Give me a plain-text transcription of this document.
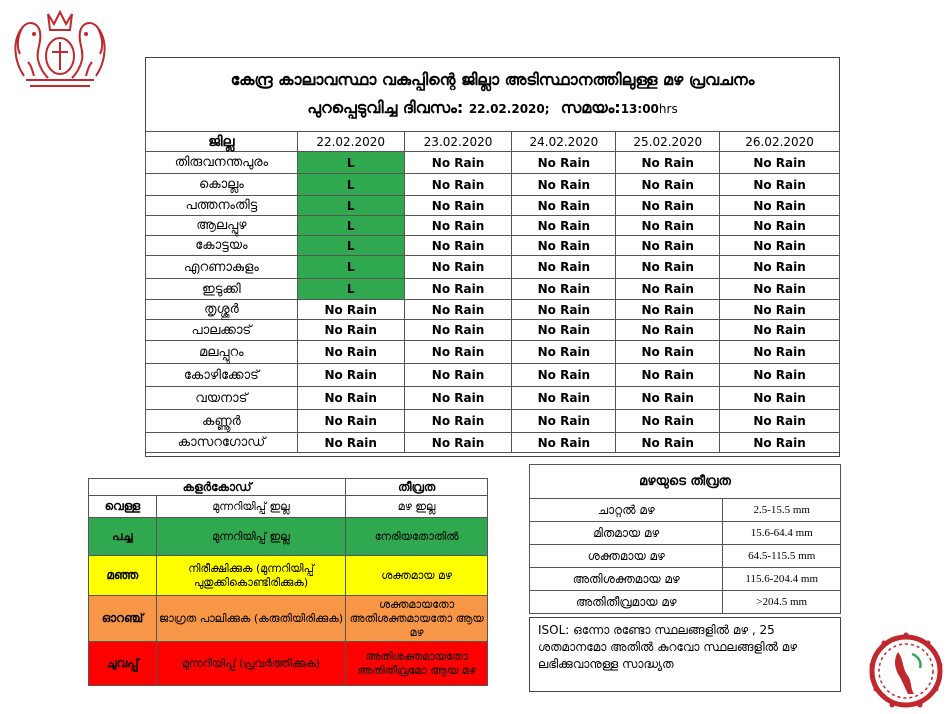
കേന്ദ്ര കാലാവസ്ഥാ വകുപ്പിന്റെ ജില്ലാ അടിസ്ഥാനത്തിലുള്ള മഴ പ്രവചനം
പുറപ്പെടുവിച്ച ദിവസം: 22.02.2020; സമയം:13:00hrs
ജില്ല	22.02.2020	23.02.2020	24.02.2020	25.02.2020	26.02.2020
തിരുവനന്തപുരം	L	No Rain	No Rain	No Rain	No Rain
കൊല്ലം	L	No Rain	No Rain	No Rain	No Rain
പത്തനംതിട്ട	L	No Rain	No Rain	No Rain	No Rain
ആലപ്പുഴ	L	No Rain	No Rain	No Rain	No Rain
കോട്ടയം	L	No Rain	No Rain	No Rain	No Rain
എറണാകുളം	L	No Rain	No Rain	No Rain	No Rain
ഇടുക്കി	L	No Rain	No Rain	No Rain	No Rain
തൃശ്ശൂർ	No Rain	No Rain	No Rain	No Rain	No Rain
പാലക്കാട്	No Rain	No Rain	No Rain	No Rain	No Rain
മലപ്പുറം	No Rain	No Rain	No Rain	No Rain	No Rain
കോഴിക്കോട്	No Rain	No Rain	No Rain	No Rain	No Rain
വയനാട്	No Rain	No Rain	No Rain	No Rain	No Rain
കണ്ണൂർ	No Rain	No Rain	No Rain	No Rain	No Rain
കാസറഗോഡ്	No Rain	No Rain	No Rain	No Rain	No Rain
കളർകോഡ്		തീവ്രത
വെള്ള	മുന്നറിയിപ്പ് ഇല്ല	മഴ ഇല്ല
പച്ച	മുന്നറിയിപ്പ് ഇല്ല	നേരിയതോതിൽ
മഞ്ഞ	നിരീക്ഷിക്കുക (മുന്നറിയിപ്പ് പുതുക്കികൊണ്ടിരിക്കുക)	ശക്തമായ മഴ
ഓറഞ്ച്	ജാഗ്രത പാലിക്കുക (കരുതിയിരിക്കുക)	ശക്തമായതോ അതിശക്തമായതോ ആയ മഴ
ചുവപ്പ്	മുന്നറിയിപ്പ് (പ്രവർത്തിക്കുക)	അതിശക്തമായതോ അതിതീവ്രമോ ആയ മഴ
മഴയുടെ തീവ്രത	
ചാറ്റൽ മഴ	2.5-15.5 mm
മിതമായ മഴ	15.6-64.4 mm
ശക്തമായ മഴ	64.5-115.5 mm
അതിശക്തമായ മഴ	115.6-204.4 mm
അതിതീവ്രമായ മഴ	>204.5 mm
ISOL: ഒന്നോ രണ്ടോ സ്ഥലങ്ങളിൽ മഴ , 25 ശതമാനമോ അതിൽ കുറവോ സ്ഥലങ്ങളിൽ മഴ ലഭിക്കുവാനുള്ള സാദ്ധ്യത
